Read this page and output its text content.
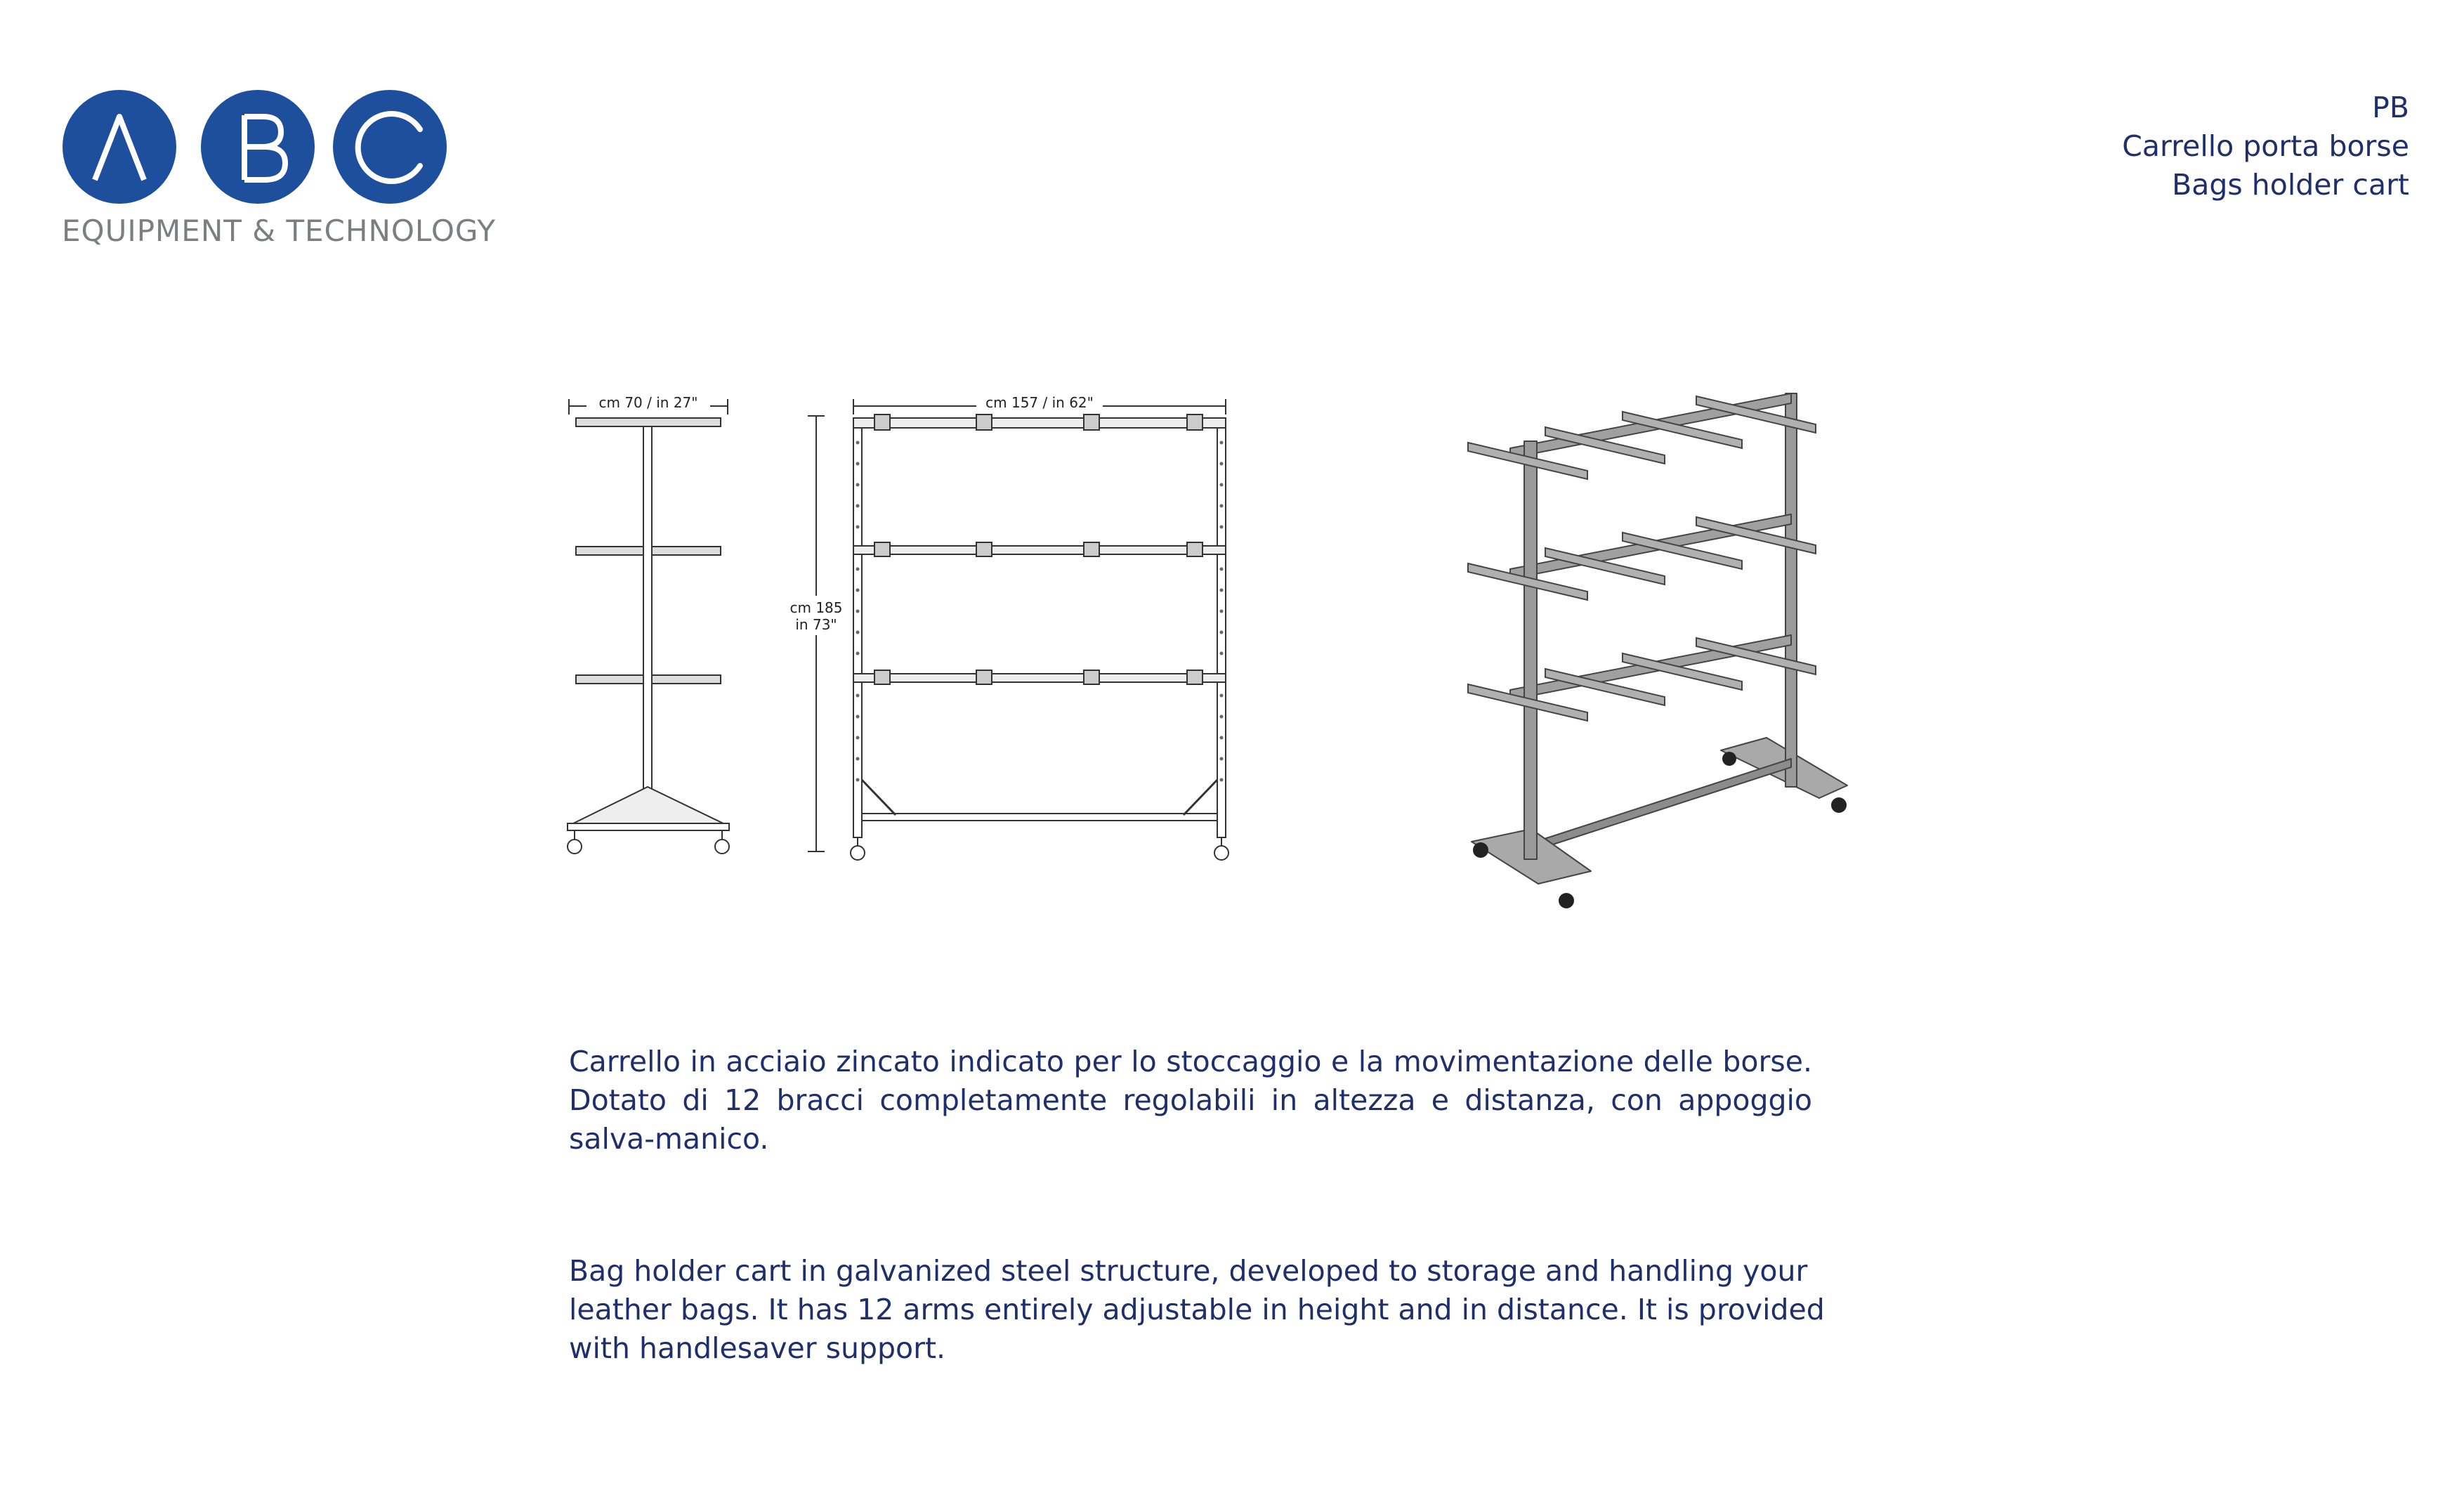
EQUIPMENT & TECHNOLOGY
PB
Carrello porta borse
Bags holder cart
cm 70 / in 27"	cm 157 / in 62"
cm 185
in 73"
Carrello in acciaio zincato indicato per lo stoccaggio e la movimentazione delle borse. Dotato di 12 bracci completamente regolabili in altezza e distanza, con appoggio salva-manico.
Bag holder cart in galvanized steel structure, developed to storage and handling your leather bags. It has 12 arms entirely adjustable in height and in distance. It is provided with handlesaver support.
